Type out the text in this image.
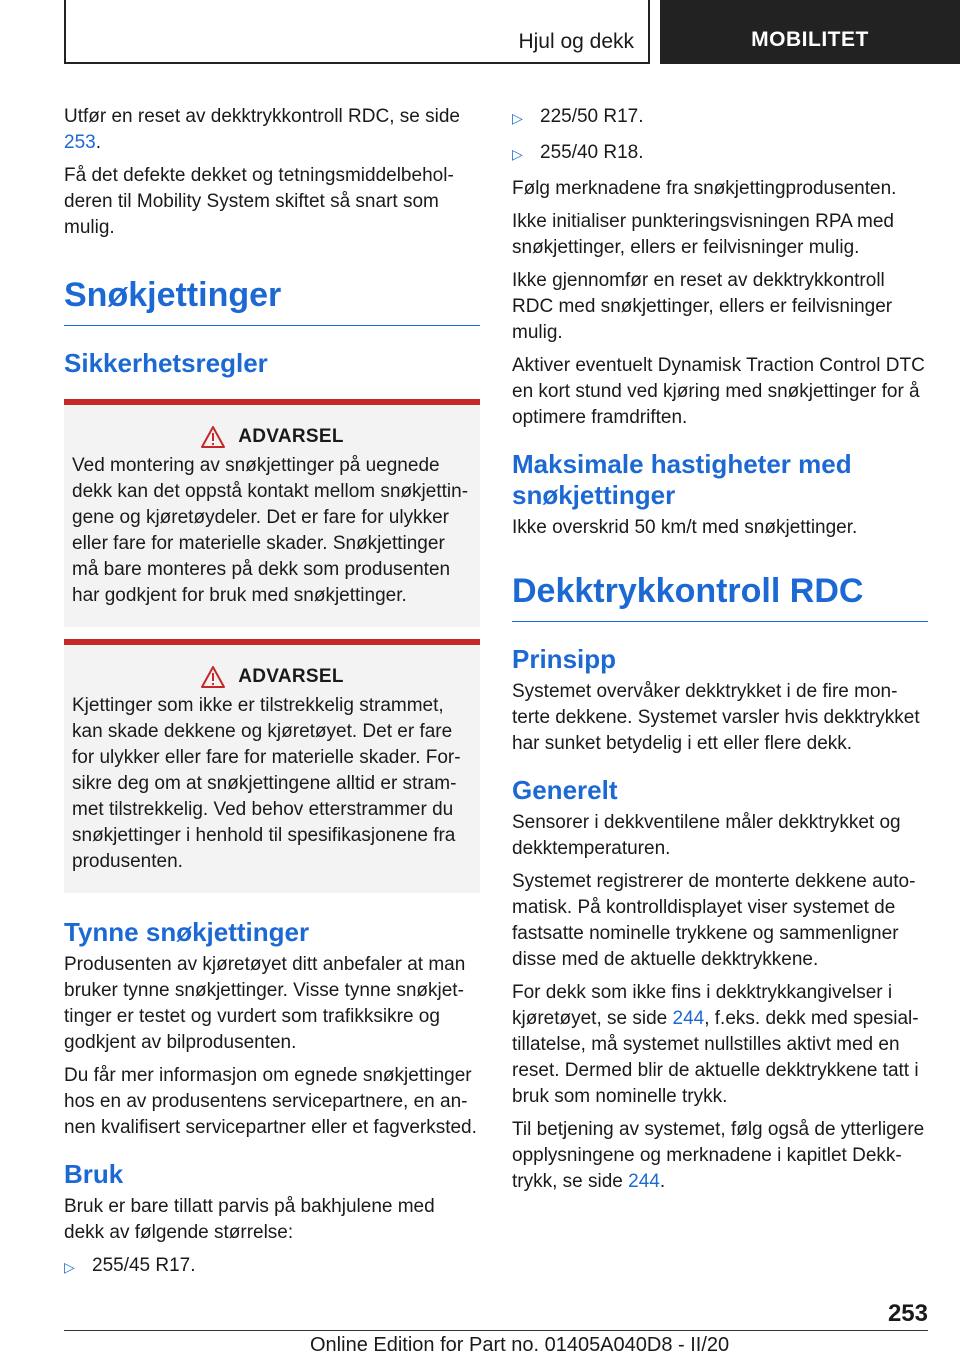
Hjul og dekk	MOBILITET

Utfør en reset av dekktrykkontroll RDC, se side 253.

Få det defekte dekket og tetningsmiddelbeholderen til Mobility System skiftet så snart som mulig.

Snøkjettinger
Sikkerhetsregler
ADVARSEL

Ved montering av snøkjettinger på uegnede dekk kan det oppstå kontakt mellom snøkjettingene og kjøretøydeler. Det er fare for ulykker eller fare for materielle skader. Snøkjettinger må bare monteres på dekk som produsenten har godkjent for bruk med snøkjettinger.

ADVARSEL

Kjettinger som ikke er tilstrekkelig strammet, kan skade dekkene og kjøretøyet. Det er fare for ulykker eller fare for materielle skader. Forsikre deg om at snøkjettingene alltid er strammet tilstrekkelig. Ved behov etterstrammer du snøkjettinger i henhold til spesifikasjonene fra produsenten.

Tynne snøkjettinger

Produsenten av kjøretøyet ditt anbefaler at man bruker tynne snøkjettinger. Visse tynne snøkjettinger er testet og vurdert som trafikksikre og godkjent av bilprodusenten.

Du får mer informasjon om egnede snøkjettinger hos en av produsentens servicepartnere, en annen kvalifisert servicepartner eller et fagverksted.

Bruk

Bruk er bare tillatt parvis på bakhjulene med dekk av følgende størrelse:

▷ 255/45 R17.
▷ 225/50 R17.
▷ 255/40 R18.

Følg merknadene fra snøkjettingprodusenten.

Ikke initialiser punkteringsvisningen RPA med snøkjettinger, ellers er feilvisninger mulig.

Ikke gjennomfør en reset av dekktrykkontroll RDC med snøkjettinger, ellers er feilvisninger mulig.

Aktiver eventuelt Dynamisk Traction Control DTC en kort stund ved kjøring med snøkjettinger for å optimere framdriften.

Maksimale hastigheter med snøkjettinger

Ikke overskrid 50 km/t med snøkjettinger.

Dekktrykkontroll RDC
Prinsipp

Systemet overvåker dekktrykket i de fire monterte dekkene. Systemet varsler hvis dekktrykket har sunket betydelig i ett eller flere dekk.

Generelt

Sensorer i dekkventilene måler dekktrykket og dekktemperaturen.

Systemet registrerer de monterte dekkene automatisk. På kontrolldisplayet viser systemet de fastsatte nominelle trykkene og sammenligner disse med de aktuelle dekktrykkene.

For dekk som ikke fins i dekktrykkangivelser i kjøretøyet, se side 244, f.eks. dekk med spesialtillatelse, må systemet nullstilles aktivt med en reset. Dermed blir de aktuelle dekktrykkene tatt i bruk som nominelle trykk.

Til betjening av systemet, følg også de ytterligere opplysningene og merknadene i kapitlet Dekktrykk, se side 244.

253
Online Edition for Part no. 01405A040D8 - II/20
